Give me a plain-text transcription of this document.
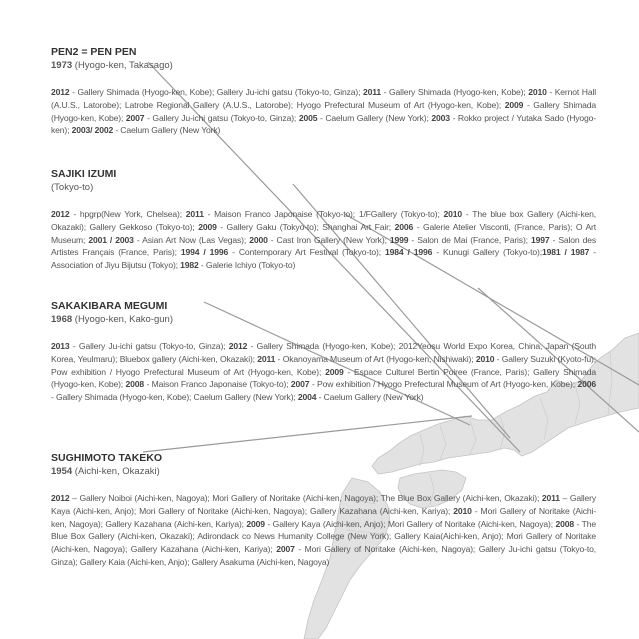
PEN2 = PEN PEN
1973 (Hyogo-ken, Takasago)
2012 - Gallery Shimada (Hyogo-ken, Kobe); Gallery Ju-ichi gatsu (Tokyo-to, Ginza); 2011 - Gallery Shimada (Hyogo-ken, Kobe); 2010 - Kernot Hall (A.U.S., Latorobe); Latrobe Regional Gallery (A.U.S., Latorobe); Hyogo Prefectural Museum of Art (Hyogo-ken, Kobe); 2009 - Gallery Shimada (Hyogo-ken, Kobe); 2007 - Gallery Ju-ichi gatsu (Tokyo-to, Ginza); 2005 - Caelum Gallery (New York); 2003 - Rokko project / Yutaka Sado (Hyogo-ken); 2003/ 2002 - Caelum Gallery (New York)
SAJIKI IZUMI
(Tokyo-to)
2012 - hpgrp(New York, Chelsea); 2011 - Maison Franco Japonaise (Tokyo-to); 1/FGallery (Tokyo-to); 2010 - The blue box Gallery (Aichi-ken, Okazaki); Gallery Gekkoso (Tokyo-to); 2009 - Gallery Gaku (Tokyo-to); Shanghai Art Fair; 2006 - Galerie Atelier Visconti, (France, Paris); O Art Museum; 2001 / 2003 - Asian Art Now (Las Vegas); 2000 - Cast Iron Gallery (New York); 1999 - Salon de Mai (France, Paris); 1997 - Salon des Artistes Français (France, Paris); 1994 / 1996 - Contemporary Art Festival (Tokyo-to); 1984 / 1996 - Kunugi Gallery (Tokyo-to);1981 / 1987 - Association of Jiyu Bijutsu (Tokyo); 1982 - Galerie Ichiyo (Tokyo-to)
SAKAKIBARA MEGUMI
1968 (Hyogo-ken, Kako-gun)
2013 - Gallery Ju-ichi gatsu (Tokyo-to, Ginza); 2012 - Gallery Shimada (Hyogo-ken, Kobe); 2012Yeosu World Expo Korea, China, Japan (South Korea, Yeulmaru); Bluebox gallery (Aichi-ken, Okazaki); 2011 - Okanoyama Museum of Art (Hyogo-ken, Nishiwaki); 2010 - Gallery Suzuki (Kyoto-fu); Pow exhibition / Hyogo Prefectural Museum of Art (Hyogo-ken, Kobe); 2009 - Espace Culturel Bertin Poiree (France, Paris); Gallery Shimada (Hyogo-ken, Kobe); 2008 - Maison Franco Japonaise (Tokyo-to); 2007 - Pow exhibition / Hyogo Prefectural Museum of Art (Hyogo-ken, Kobe); 2006 - Gallery Shimada (Hyogo-ken, Kobe); Caelum Gallery (New York); 2004 - Caelum Gallery (New York)
SUGHIMOTO TAKEKO
1954 (Aichi-ken, Okazaki)
2012 – Gallery Noiboi (Aichi-ken, Nagoya); Mori Gallery of Noritake (Aichi-ken, Nagoya); The Blue Box Gallery (Aichi-ken, Okazaki); 2011 – Gallery Kaya (Aichi-ken, Anjo); Mori Gallery of Noritake (Aichi-ken, Nagoya); Gallery Kazahana (Aichi-ken, Kariya); 2010 - Mori Gallery of Noritake (Aichi-ken, Nagoya); Gallery Kazahana (Aichi-ken, Kariya); 2009 - Gallery Kaya (Aichi-ken, Anjo); Mori Gallery of Noritake (Aichi-ken, Nagoya); 2008 - The Blue Box Gallery (Aichi-ken, Okazaki); Adirondack co News Humanity College (New York); Gallery Kaia(Aichi-ken, Anjo); Mori Gallery of Noritake (Aichi-ken, Nagoya); Gallery Kazahana (Aichi-ken, Kariya); 2007 - Mori Gallery of Noritake (Aichi-ken, Nagoya); Gallery Ju-ichi gatsu (Tokyo-to, Ginza); Gallery Kaia (Aichi-ken, Anjo); Gallery Asakuma (Aichi-ken, Nagoya)
